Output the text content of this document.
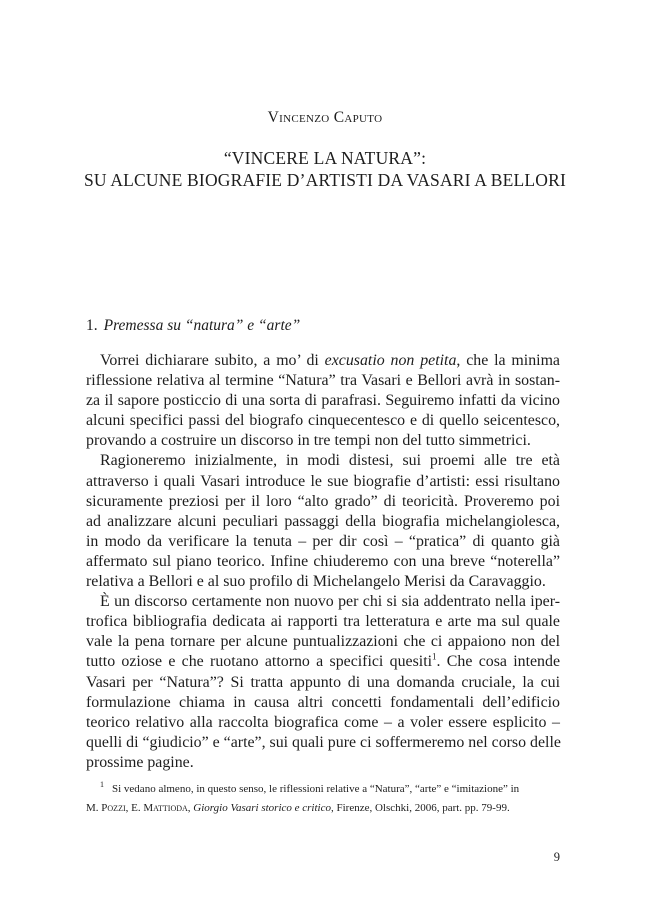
Vincenzo Caputo
“VINCERE LA NATURA”:
SU ALCUNE BIOGRAFIE D’ARTISTI DA VASARI A BELLORI
1. Premessa su “natura” e “arte”
Vorrei dichiarare subito, a mo’ di excusatio non petita, che la minima
riflessione relativa al termine “Natura” tra Vasari e Bellori avrà in sostan-
za il sapore posticcio di una sorta di parafrasi. Seguiremo infatti da vicino
alcuni specifici passi del biografo cinquecentesco e di quello seicentesco,
provando a costruire un discorso in tre tempi non del tutto simmetrici.
Ragioneremo inizialmente, in modi distesi, sui proemi alle tre età
attraverso i quali Vasari introduce le sue biografie d’artisti: essi risultano
sicuramente preziosi per il loro “alto grado” di teoricità. Proveremo poi
ad analizzare alcuni peculiari passaggi della biografia michelangiolesca,
in modo da verificare la tenuta – per dir così – “pratica” di quanto già
affermato sul piano teorico. Infine chiuderemo con una breve “noterella”
relativa a Bellori e al suo profilo di Michelangelo Merisi da Caravaggio.
È un discorso certamente non nuovo per chi si sia addentrato nella iper-
trofica bibliografia dedicata ai rapporti tra letteratura e arte ma sul quale
vale la pena tornare per alcune puntualizzazioni che ci appaiono non del
tutto oziose e che ruotano attorno a specifici quesiti$^1$. Che cosa intende
Vasari per “Natura”? Si tratta appunto di una domanda cruciale, la cui
formulazione chiama in causa altri concetti fondamentali dell’edificio
teorico relativo alla raccolta biografica come – a voler essere esplicito –
quelli di “giudicio” e “arte”, sui quali pure ci soffermeremo nel corso delle
prossime pagine.
$^1$ Si vedano almeno, in questo senso, le riflessioni relative a “Natura”, “arte” e “imitazione” in
M. Pozzi, E. Mattioda, Giorgio Vasari storico e critico, Firenze, Olschki, 2006, part. pp. 79-99.
9
